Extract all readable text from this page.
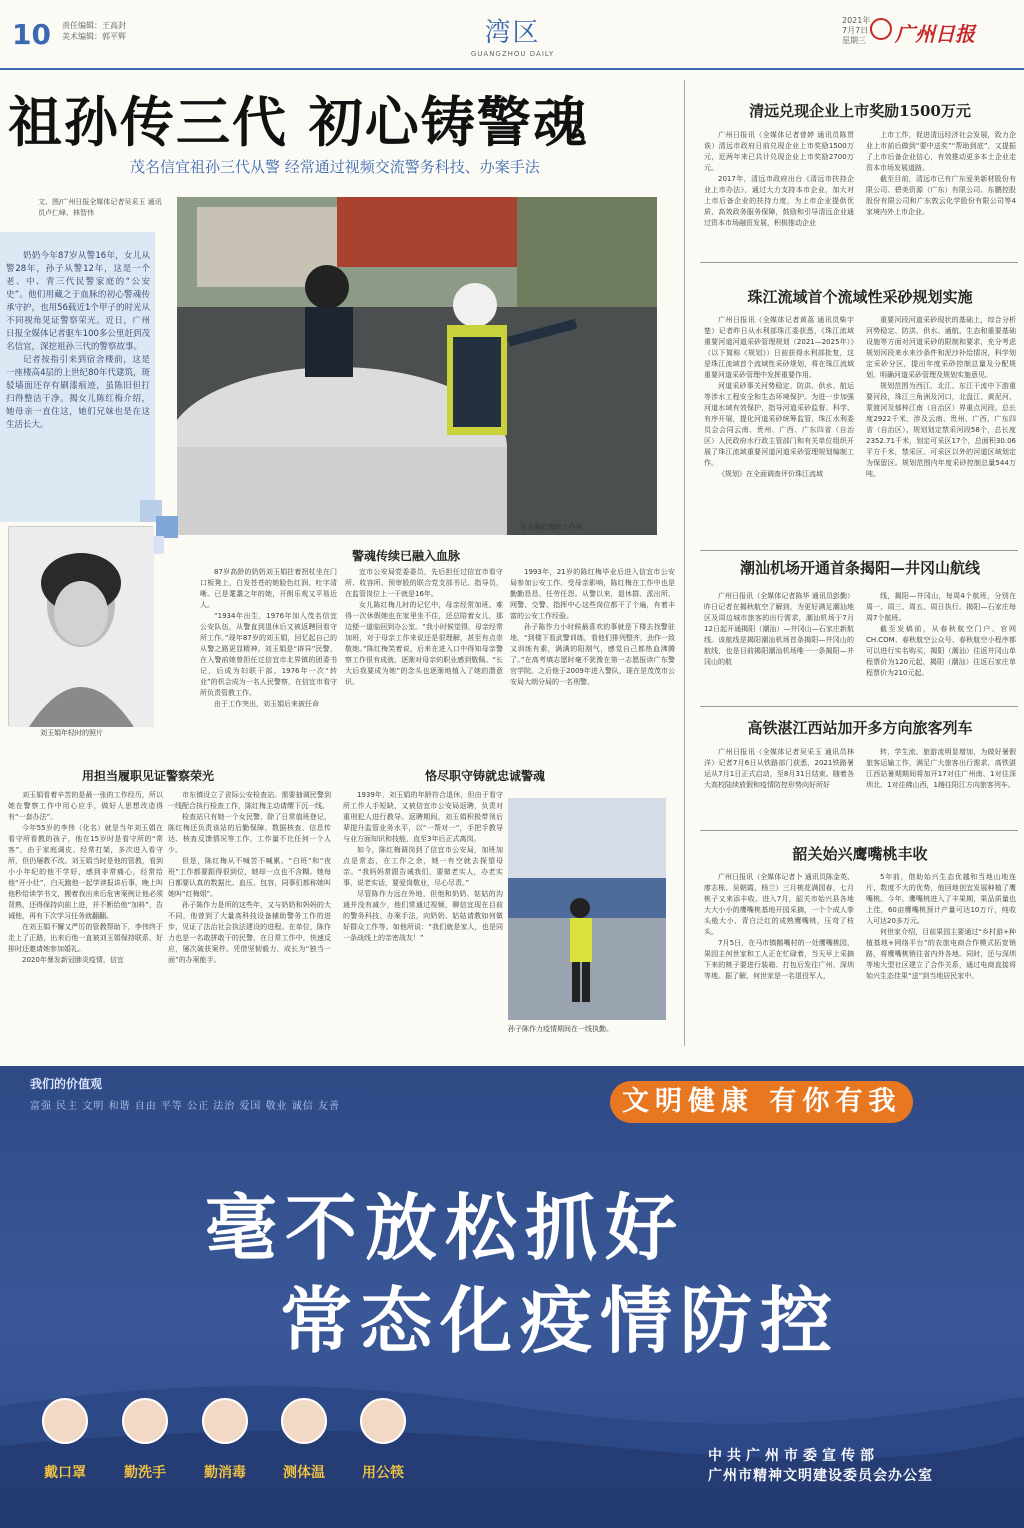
10 责任编辑：王高封
美术编辑：郭平辉	湾区
GUANGZHOU DAILY
2021年
7月7日
星期三 广州日报
祖孙传三代 初心铸警魂
茂名信宜祖孙三代从警 经常通过视频交流警务科技、办案手法
文、图/广州日报全媒体记者吴采玉 通讯员卢仁峰、林智伟

奶奶今年87岁从警16年，女儿从警28年，孙子从警12年，这是一个老、中、青三代民警家庭的“公安史”。他们用藏之于血脉的初心警魂传承守护，也用56载近1个甲子的时光从不同视角见证警察荣光。近日，广州日报全媒体记者驱车100多公里赶到茂名信宜，深挖祖孙三代的警察故事。

记者按指引来到宿舍楼前，这是一座楼高4层的上世纪80年代建筑，斑驳墙面还存有刷漆痕迹，虽陈旧但打扫得整洁干净。揭女儿陈红梅介绍，她母亲一直住这，她们兄妹也是在这生活长大。

女儿陈红梅的工作照
刘玉娟年轻时的照片
警魂传续已融入血脉
用担当履职见证警察荣光	恪尽职守铸就忠诚警魂

87岁高龄的奶奶刘玉娟拄着拐杖坐在门口板凳上，白发苍苍的她脸色红润、吐字清晰。已是耄耋之年的她，开朗乐观又平易近人。

“1934年出生，1976年加入茂名信宜公安队伍，从警直到退休后又被返聘回看守所工作。”现年87岁的刘玉娟，回忆起自己的从警之路更显精神。刘玉娟是“辟异”民警，在入警前她曾担任过信宜市北界镇的团委书记，后成为妇联干部。1976年一次“转业”的机会成为一名人民警察，在信宜市看守所负责管教工作。

由于工作突出，刘玉娟后来被任命

宜市公安局党委委员，先后担任过信宜市看守所、收容所、预审股的联合党支部书记、指导员，在监管岗位上一干就是16年。

女儿陈红梅儿时的记忆中，母亲经常加班。难得一次休假她也在家里坐不住，还总陪着女儿，那边便一道临回到办公室。“我小时候觉得，母亲经常加班，对于母亲工作来说还是很理解，甚至有点崇敬她。”陈红梅笑着说，后来在进入口中得知母亲警察工作很有成就，逐渐对母亲的职业感到敬佩。“长大后我要成为她”的念头也逐渐地植入了她的潜意识。

1993年，21岁的陈红梅毕业后进入信宜市公安局参加公安工作。受母亲影响，陈红梅在工作中也是勤勤恳恳、任劳任怨。从警以来，退休群、派出所、网警、交警、指挥中心这些岗位都干了个遍，有着丰富的公安工作经验。

孙子陈作力小时候最喜欢的事就是下楼去找警驻地，“到楼下看武警训练，看他们排列整齐，劲作一致又训练有素，满满的阳刚气，感觉自己都热血沸腾了。”在高考填志愿时毫不犹豫在第一志愿报读广东警官学院。之后他于2009年进入警队，现在是茂茂市公安局大朗分局的一名刑警。

刘玉娟看着辛苦的是最一张的工作经历，所以她在警察工作中用心应手，做好人思想改造得有“一套办法”。

今年55岁的李伟（化名）就是当年刘玉娟在看守所看教的孩子，他在15岁时是看守所的“常客”，由于家庭调皮、经常打架，多次进入看守所，但仍屡教不改。刘玉娟当时是他的管教，看到小小年纪的他不学好，感到非常痛心，经常给他“开小灶”，白天跑他一起学读报讲后事，晚上叫他秒给读学书文，搬着我出来后危害案例让他必须背熟，还得保持向前上进，并不断给他“加料”，告诫他，再有下次学习任务就翻翻。

在刘玉娟不懈又严厉的管教帮助下，李伟终于走上了正路，出来后他一直被刘玉娟保持联系，好排时还邀请她参加婚礼。

2020年暴发新冠肺炎疫情，信宜

市东镇设立了省际公安检查站。需要抽调民警到一线配合执行检查工作，陈红梅主动请缨下沉一线。

检查站只有她一个女民警，除了日常值班登记，陈红梅还负责该站的后勤保障、数据核查、信息传达、核查反馈情况等工作，工作量不比任何一个人少。

但是，陈红梅从不喊苦不喊累。“白班”和“夜班”工作都要跟得很到位，她却一点也不含糊。她每日都要认真的数据比、血压、包容，同事们都称她叫她叫“红梅姐”。

孙子陈作力是所的这些年，又与奶奶和妈妈的大不同，他曾到了大量高科技设备辅助警务工作的进步，见证了法治社会执法建设的进程。在单位，陈作力也是一名敢拼敢干的民警，在日常工作中，快速反应，屡次破获案件。凭借坚韧毅力，成长为“独当一面”的办案能手。

1939年，刘玉娟的年龄符合退休，但由于看守所工作人手短缺，又被信宜市公安局返聘，负责对重刑犯人进行教导。返聘期间，刘玉娟积极带领后辈提升监管业务水平，以“一帮对一”，手把手教导与业方面知识和技能，直至3年后正式离岗。

如今，陈红梅调岗到了信宜市公安局，加班加点是常态，在工作之余，她一有空就去探望母亲。“我妈妈常跟告诫我们，要做老实人，办老实事，说老实话，要爱岗敬业，尽心尽责。”

尽管陈作力远在外地，但他和奶奶、姑姑的沟通并没有减少，他们常通过视频，聊信宜现在目前的警务科技、办案手法，向奶奶、姑姑请教如何做好群众工作等。如他所说：“我们就是家人，也是同一条战线上的亲密战友！”

孙子陈作力疫情期间在一线执勤。
清远兑现企业上市奖励1500万元

广州日报讯（全媒体记者曾婷 通讯员陈贯诶）清远市政府日前兑现企业上市奖励1500万元，近两年来已共计兑现企业上市奖励2700万元。

2017年，清远市政府出台《清远市扶持企业上市办法》，通过大力支持本市企业，加大对上市后备企业的扶持力度，为上市企业提供优质、高效政务服务保障，鼓励和引导清远企业通过资本市场融资发展，积极推动企业

上市工作，促进清远经济社会发展，致力企业上市前后做到“要中送奖”“帮助到底”，又提振了上市后备企业信心，有效推动更多本土企业走资本市场发展道路。

截至目前，清远市已有广东爱美新材股份有限公司、碧美资源（广东）有限公司、东鹏控股股份有限公司和广东敦云化学股份有限公司等4家境内外上市企业。

珠江流域首个流域性采砂规划实施

广州日报讯（全媒体记者黄荔 通讯员柴宇楚）记者昨日从水利部珠江委获悉，《珠江流域重要河道河道采砂管理规划（2021—2025年）》（以下简称《规划》）日前获得水利部批复，这是珠江流域首个流域性采砂规划，将在珠江流域重要河道采砂管理中发挥重要作用。

河道采砂事关河势稳定、防洪、供水、航运等涉水工程安全和生态环境保护。为进一步加强河道水域有效保护，指导河道采砂监督、科学、有序开展，提化河道采砂统筹监管，珠江水利委员会会同云南、贵州、广西、广东四省（自治区）人民政府水行政主管部门和有关单位组织开展了珠江流域重要河道河道采砂管理规划编制工作。

《规划》在全面调查评价珠江流域

重要河段河道采砂现状的基础上，综合分析河势稳定、防洪、供水、通航、生态和重要基础设施等方面对河道采砂的限制和要求，充分考虑规划河段来水来沙条件和泥沙补给情况，科学划定采砂分区，提出年度采砂控制总量及分配规划，明确河道采砂管理及规划实施意见。

规划范围为西江、北江、东江干流中下游重要河段，珠江三角洲及河口，北盘江、黄泥河、蒙渡河及郁梓江南（自治区）界重点河段。总长度2922千米，涉及云南、贵州、广西、广东四省（自治区）。规划划定禁采河段58个，总长度2352.71千米，划定可采区17个，总面积30.06平方千米，禁采区、可采区以外的河道区域划定为保留区。规划范围内年度采砂控制总量544万吨。

潮汕机场开通首条揭阳—井冈山航线

广州日报讯（全媒体记者陈华 通讯员彭勤）昨日记者在揭秋航空了解到，为更好满足潮汕地区及周边城市旅客的出行需求，潮汕机场于7月12日起开通揭阳（潮汕）—井冈山—石家庄新航线。该航线是揭阳潮汕机场首条揭阳—井冈山的航线，也是目前揭阳潮汕机场唯一一条揭阳—井冈山的航

线，揭阳—井冈山，每周4个航班，分别在周一、周三、周五、周日执行。揭阳—石家庄每周7个航班。

截至发稿前，从春秋航空门户、官网CH.COM、春秋航空公众号、春秋航空小程序都可以进行实名购买，揭阳（潮汕）往返井冈山单程票价为120元起，揭阳（潮汕）往返石家庄单程票价为210元起。

高铁湛江西站加开多方向旅客列车

广州日报讯（全媒体记者吴采玉 通讯员林洋）记者7月6日从铁路部门获悉，2021铁路暑运从7月1日正式启动，至8月31日结束。随着各大高校陆续放假和疫情防控形势向好所好

转，学生流、旅游流明显增加，为做好暑假旅客运输工作，满足广大旅客出行需求，高铁湛江西站暑期期间将加开17对往广州南、1对往深圳北、1对往佛山西，1趟往阳江方向旅客列车。

韶关始兴鹰嘴桃丰收

广州日报讯（全媒体记者卜 通讯员陈金英、廖志栋、吴朝霞、杨兰）三月桃花满园春，七月桃子又来添丰收。进入7月，韶关市始兴县各地大大小小的鹰嘴桃基地开园采摘，一个个成人拳头般大小、青白泛红的成熟鹰嘴桃，压弯了枝头。

7月5日，在马市镇鹅嘴村的一处鹰嘴桃园，果园主何世家和工人正在忙碌着，当天早上采摘下来的桃子要进行装箱、打包后发往广州、深圳等地。据了解，何世家是一名退役军人，

5年前，借助始兴生态优越和当地山地连片、数度不大的优势，他回地创宜发展种植了鹰嘴桃。今年，鹰嘴桃进入了丰果期，果品质量也上佳，60亩鹰嘴桃预计产量可达10万斤，纯收入可达20多万元。

何世家介绍，目前果园主要通过“乡村游+种植基地+网络平台”的农旅电商合作模式拓宽销路，将鹰嘴桃销往省内外各地。同时，还与深圳等地大型社区建立了合作关系，通过电商直接将始兴生态佳果“送”到当地居民家中。

我们的价值观
富强 民主 文明 和谐 自由 平等 公正 法治 爱国 敬业 诚信 友善	文明健康 有你有我
毫不放松抓好
常态化疫情防控
戴口罩	勤洗手	勤消毒	测体温	用公筷
中共广州市委宣传部
广州市精神文明建设委员会办公室
